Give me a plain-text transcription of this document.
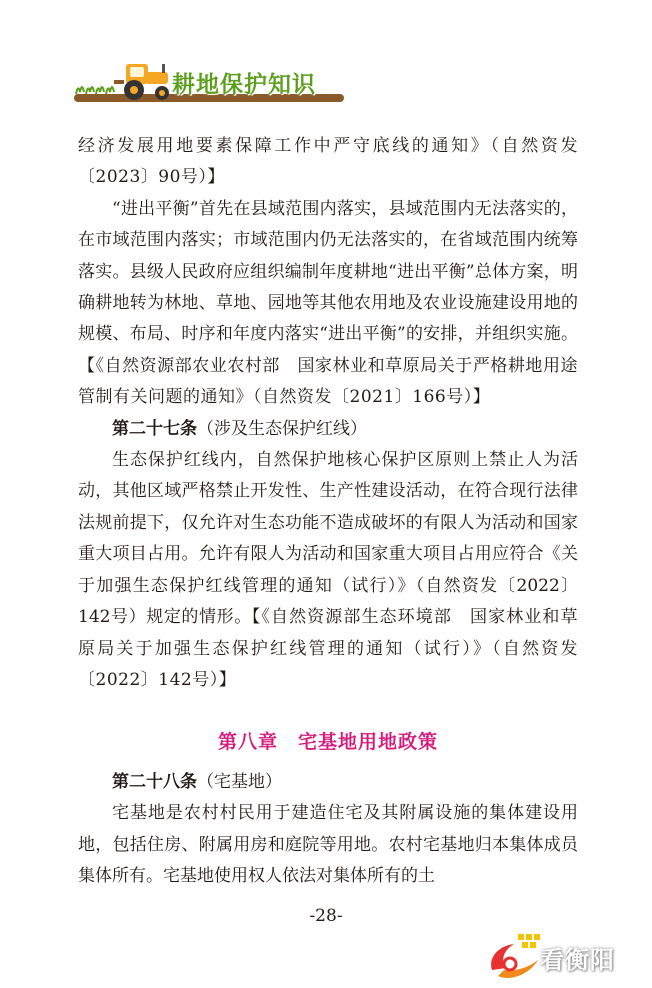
耕地保护知识

经济发展用地要素保障工作中严守底线的通知》（自然资发〔2023〕90号）】

“进出平衡”首先在县域范围内落实，县域范围内无法落实的，在市域范围内落实；市域范围内仍无法落实的，在省域范围内统筹落实。县级人民政府应组织编制年度耕地“进出平衡”总体方案，明确耕地转为林地、草地、园地等其他农用地及农业设施建设用地的规模、布局、时序和年度内落实“进出平衡”的安排，并组织实施。【《自然资源部农业农村部　国家林业和草原局关于严格耕地用途管制有关问题的通知》（自然资发〔2021〕166号）】

第二十七条（涉及生态保护红线）

生态保护红线内，自然保护地核心保护区原则上禁止人为活动，其他区域严格禁止开发性、生产性建设活动，在符合现行法律法规前提下，仅允许对生态功能不造成破坏的有限人为活动和国家重大项目占用。允许有限人为活动和国家重大项目占用应符合《关于加强生态保护红线管理的通知（试行）》（自然资发〔2022〕142号）规定的情形。【《自然资源部生态环境部　国家林业和草原局关于加强生态保护红线管理的通知（试行）》（自然资发〔2022〕142号）】

第八章　宅基地用地政策

第二十八条（宅基地）

宅基地是农村村民用于建造住宅及其附属设施的集体建设用地，包括住房、附属用房和庭院等用地。农村宅基地归本集体成员集体所有。宅基地使用权人依法对集体所有的土

-28-
看衡阳
